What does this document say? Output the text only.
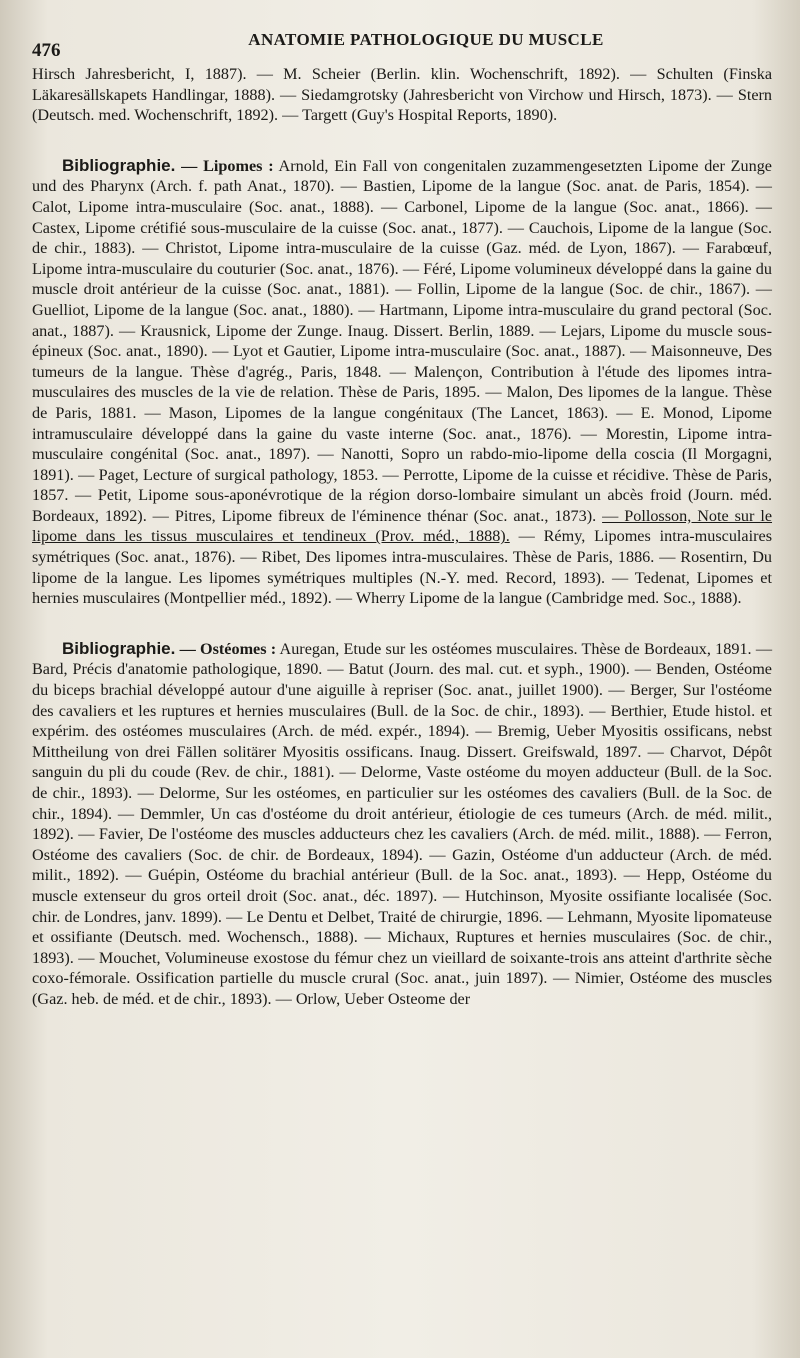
476
ANATOMIE PATHOLOGIQUE DU MUSCLE

Hirsch Jahresbericht, I, 1887). — M. Scheier (Berlin. klin. Wochenschrift, 1892). — Schulten (Finska Läkaresällskapets Handlingar, 1888). — Siedamgrotsky (Jahresbericht von Virchow und Hirsch, 1873). — Stern (Deutsch. med. Wochenschrift, 1892). — Targett (Guy's Hospital Reports, 1890).

Bibliographie. — Lipomes : Arnold, Ein Fall von congenitalen zuzammengesetzten Lipome der Zunge und des Pharynx (Arch. f. path Anat., 1870). — Bastien, Lipome de la langue (Soc. anat. de Paris, 1854). — Calot, Lipome intra-musculaire (Soc. anat., 1888). — Carbonel, Lipome de la langue (Soc. anat., 1866). — Castex, Lipome crétifié sous-musculaire de la cuisse (Soc. anat., 1877). — Cauchois, Lipome de la langue (Soc. de chir., 1883). — Christot, Lipome intra-musculaire de la cuisse (Gaz. méd. de Lyon, 1867). — Farabœuf, Lipome intra-musculaire du couturier (Soc. anat., 1876). — Féré, Lipome volumineux développé dans la gaine du muscle droit antérieur de la cuisse (Soc. anat., 1881). — Follin, Lipome de la langue (Soc. de chir., 1867). — Guelliot, Lipome de la langue (Soc. anat., 1880). — Hartmann, Lipome intra-musculaire du grand pectoral (Soc. anat., 1887). — Krausnick, Lipome der Zunge. Inaug. Dissert. Berlin, 1889. — Lejars, Lipome du muscle sous-épineux (Soc. anat., 1890). — Lyot et Gautier, Lipome intra-musculaire (Soc. anat., 1887). — Maisonneuve, Des tumeurs de la langue. Thèse d'agrég., Paris, 1848. — Malençon, Contribution à l'étude des lipomes intra-musculaires des muscles de la vie de relation. Thèse de Paris, 1895. — Malon, Des lipomes de la langue. Thèse de Paris, 1881. — Mason, Lipomes de la langue congénitaux (The Lancet, 1863). — E. Monod, Lipome intramusculaire développé dans la gaine du vaste interne (Soc. anat., 1876). — Morestin, Lipome intra-musculaire congénital (Soc. anat., 1897). — Nanotti, Sopro un rabdo-mio-lipome della coscia (Il Morgagni, 1891). — Paget, Lecture of surgical pathology, 1853. — Perrotte, Lipome de la cuisse et récidive. Thèse de Paris, 1857. — Petit, Lipome sous-aponévrotique de la région dorso-lombaire simulant un abcès froid (Journ. méd. Bordeaux, 1892). — Pitres, Lipome fibreux de l'éminence thénar (Soc. anat., 1873). — Pollosson, Note sur le lipome dans les tissus musculaires et tendineux (Prov. méd., 1888). — Rémy, Lipomes intra-musculaires symétriques (Soc. anat., 1876). — Ribet, Des lipomes intra-musculaires. Thèse de Paris, 1886. — Rosentirn, Du lipome de la langue. Les lipomes symétriques multiples (N.-Y. med. Record, 1893). — Tedenat, Lipomes et hernies musculaires (Montpellier méd., 1892). — Wherry Lipome de la langue (Cambridge med. Soc., 1888).

Bibliographie. — Ostéomes : Auregan, Etude sur les ostéomes musculaires. Thèse de Bordeaux, 1891. — Bard, Précis d'anatomie pathologique, 1890. — Batut (Journ. des mal. cut. et syph., 1900). — Benden, Ostéome du biceps brachial développé autour d'une aiguille à repriser (Soc. anat., juillet 1900). — Berger, Sur l'ostéome des cavaliers et les ruptures et hernies musculaires (Bull. de la Soc. de chir., 1893). — Berthier, Etude histol. et expérim. des ostéomes musculaires (Arch. de méd. expér., 1894). — Bremig, Ueber Myositis ossificans, nebst Mittheilung von drei Fällen solitärer Myositis ossificans. Inaug. Dissert. Greifswald, 1897. — Charvot, Dépôt sanguin du pli du coude (Rev. de chir., 1881). — Delorme, Vaste ostéome du moyen adducteur (Bull. de la Soc. de chir., 1893). — Delorme, Sur les ostéomes, en particulier sur les ostéomes des cavaliers (Bull. de la Soc. de chir., 1894). — Demmler, Un cas d'ostéome du droit antérieur, étiologie de ces tumeurs (Arch. de méd. milit., 1892). — Favier, De l'ostéome des muscles adducteurs chez les cavaliers (Arch. de méd. milit., 1888). — Ferron, Ostéome des cavaliers (Soc. de chir. de Bordeaux, 1894). — Gazin, Ostéome d'un adducteur (Arch. de méd. milit., 1892). — Guépin, Ostéome du brachial antérieur (Bull. de la Soc. anat., 1893). — Hepp, Ostéome du muscle extenseur du gros orteil droit (Soc. anat., déc. 1897). — Hutchinson, Myosite ossifiante localisée (Soc. chir. de Londres, janv. 1899). — Le Dentu et Delbet, Traité de chirurgie, 1896. — Lehmann, Myosite lipomateuse et ossifiante (Deutsch. med. Wochensch., 1888). — Michaux, Ruptures et hernies musculaires (Soc. de chir., 1893). — Mouchet, Volumineuse exostose du fémur chez un vieillard de soixante-trois ans atteint d'arthrite sèche coxo-fémorale. Ossification partielle du muscle crural (Soc. anat., juin 1897). — Nimier, Ostéome des muscles (Gaz. heb. de méd. et de chir., 1893). — Orlow, Ueber Osteome der
